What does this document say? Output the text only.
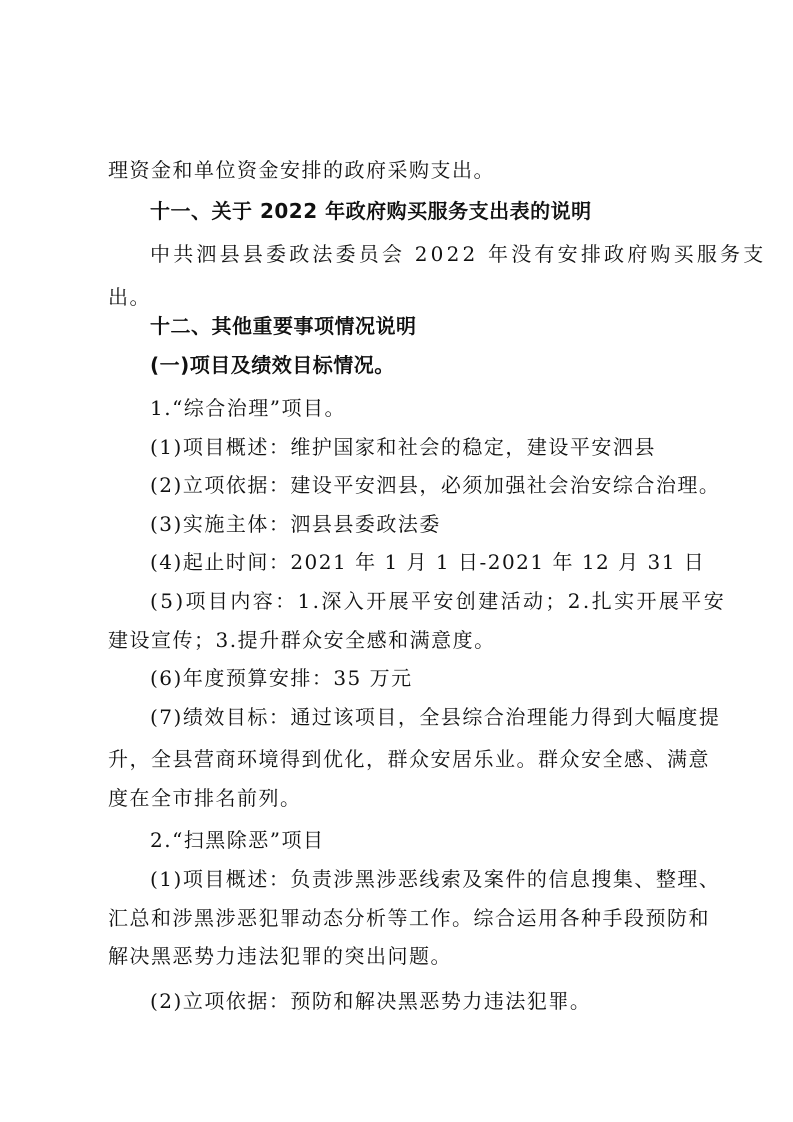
理资金和单位资金安排的政府采购支出。
十一、关于 2022 年政府购买服务支出表的说明
中共泗县县委政法委员会 2022 年没有安排政府购买服务支
出。
十二、其他重要事项情况说明
(一)项目及绩效目标情况。
1.“综合治理”项目。
(1)项目概述：维护国家和社会的稳定，建设平安泗县
(2)立项依据：建设平安泗县，必须加强社会治安综合治理。
(3)实施主体：泗县县委政法委
(4)起止时间：2021 年 1 月 1 日-2021 年 12 月 31 日
(5)项目内容：1.深入开展平安创建活动；2.扎实开展平安
建设宣传；3.提升群众安全感和满意度。
(6)年度预算安排：35 万元
(7)绩效目标：通过该项目，全县综合治理能力得到大幅度提
升，全县营商环境得到优化，群众安居乐业。群众安全感、满意
度在全市排名前列。
2.“扫黑除恶”项目
(1)项目概述：负责涉黑涉恶线索及案件的信息搜集、整理、
汇总和涉黑涉恶犯罪动态分析等工作。综合运用各种手段预防和
解决黑恶势力违法犯罪的突出问题。
(2)立项依据：预防和解决黑恶势力违法犯罪。
